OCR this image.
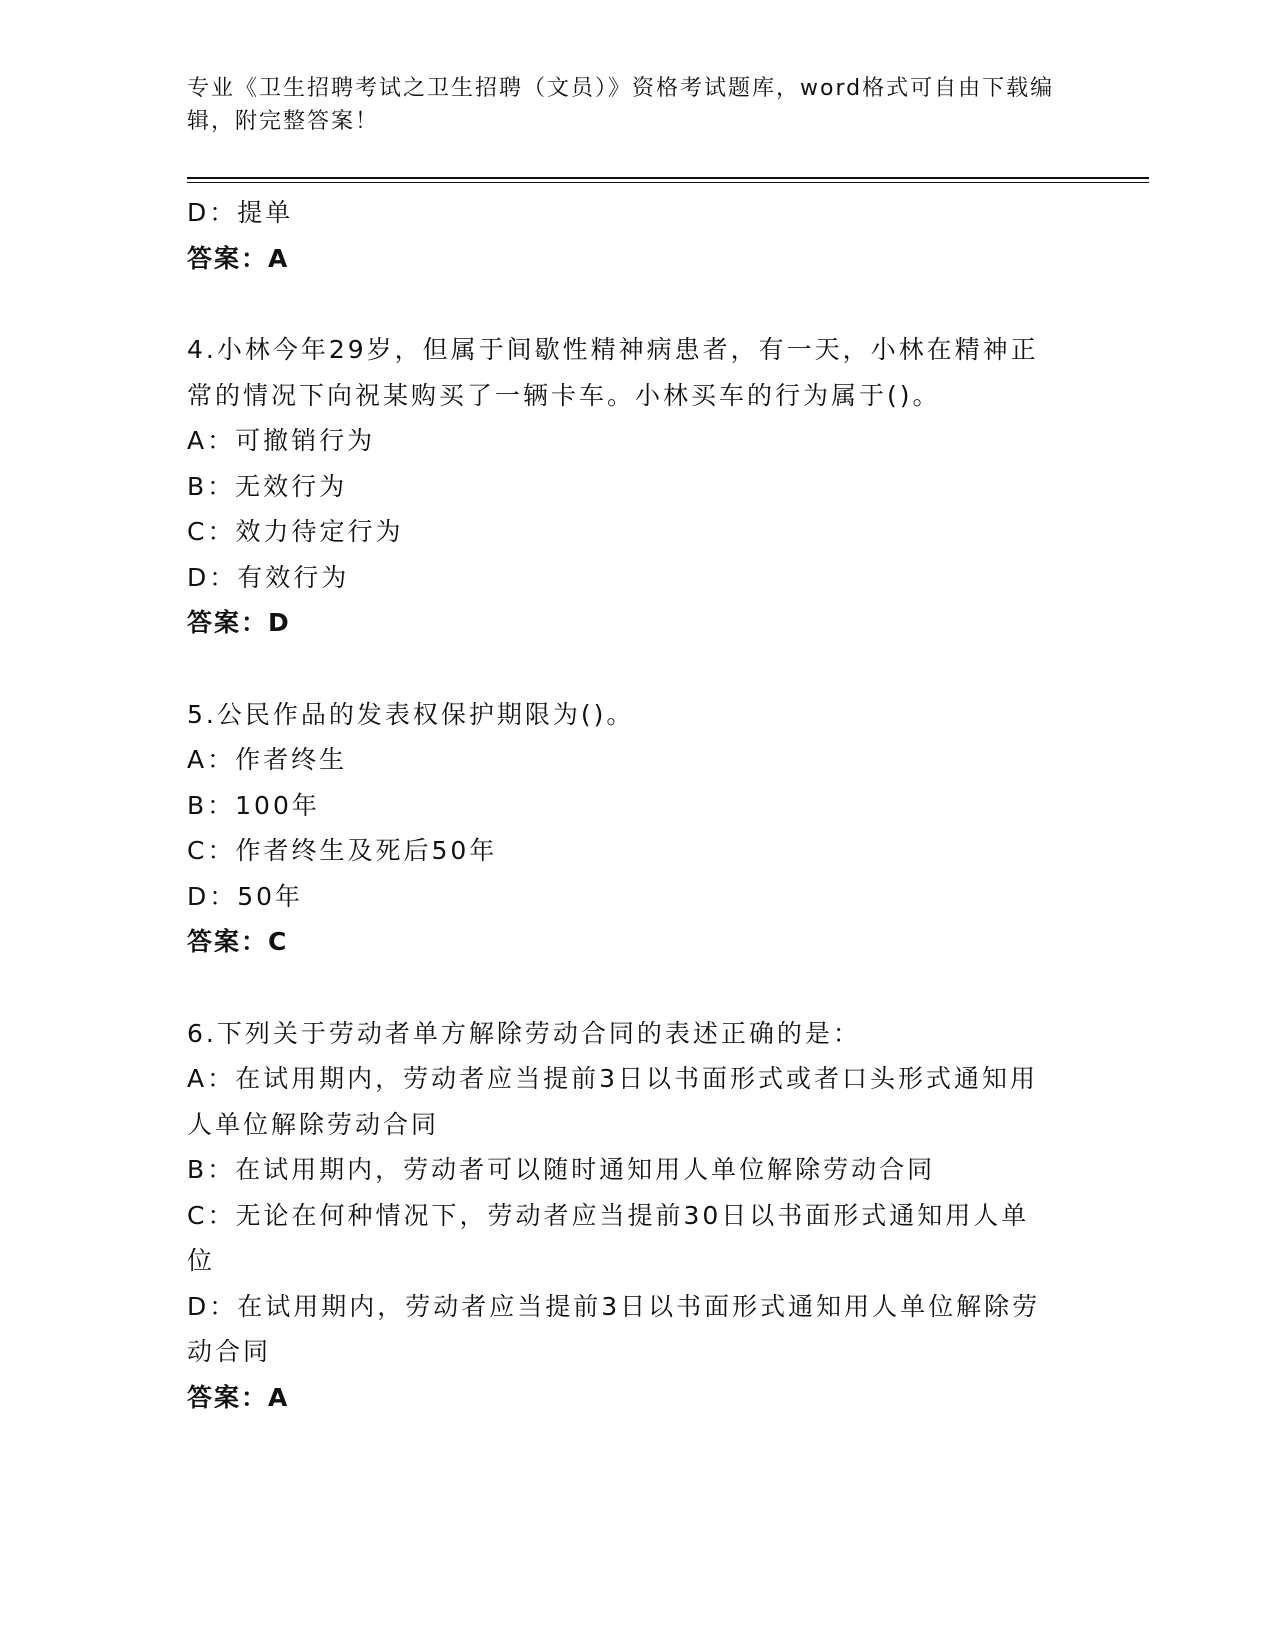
专业《卫生招聘考试之卫生招聘（文员）》资格考试题库，word格式可自由下载编辑，附完整答案！
D：提单
答案：A
4.小林今年29岁，但属于间歇性精神病患者，有一天，小林在精神正
常的情况下向祝某购买了一辆卡车。小林买车的行为属于()。
A：可撤销行为
B：无效行为
C：效力待定行为
D：有效行为
答案：D
5.公民作品的发表权保护期限为()。
A：作者终生
B：100年
C：作者终生及死后50年
D：50年
答案：C
6.下列关于劳动者单方解除劳动合同的表述正确的是：
A：在试用期内，劳动者应当提前3日以书面形式或者口头形式通知用
人单位解除劳动合同
B：在试用期内，劳动者可以随时通知用人单位解除劳动合同
C：无论在何种情况下，劳动者应当提前30日以书面形式通知用人单
位
D：在试用期内，劳动者应当提前3日以书面形式通知用人单位解除劳
动合同
答案：A
